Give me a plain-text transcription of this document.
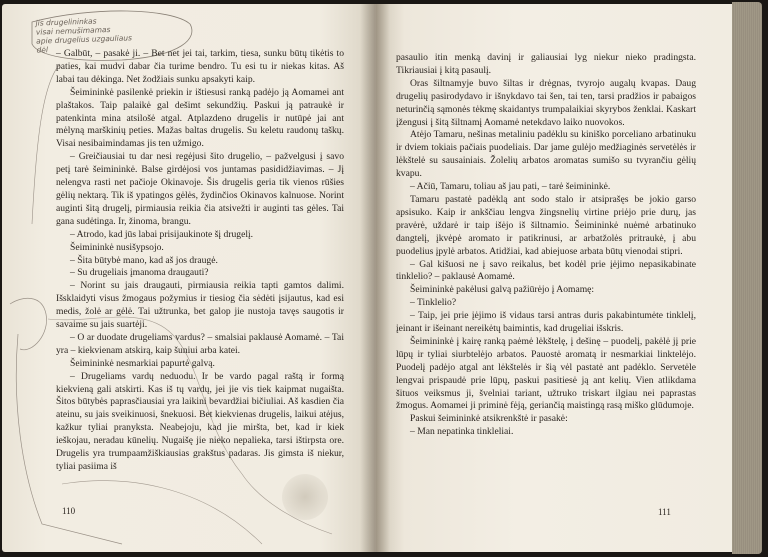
jis drugelininkas
visai nemušimamas
apie drugelius uzgauliaus
dėl – Galbūt, – pasakė ji. – Bet net jei tai, tarkim, tiesa, sunku būtų tikėtis to paties, kai mudvi dabar čia turime bendro. Tu esi tu ir niekas kitas. Aš labai tau dėkinga. Net žodžiais sunku apsakyti kaip.

Šeimininkė pasilenkė priekin ir ištiesusi ranką padėjo ją Aomamei ant plaštakos. Taip palaikė gal dešimt sekundžių. Paskui ją patraukė ir patenkinta mina atsilošė atgal. Atplazdeno drugelis ir nutūpė jai ant mėlyną marškinių peties. Mažas baltas drugelis. Su keletu raudonų taškų. Visai nesibaimindamas jis ten užmigo.

– Greičiausiai tu dar nesi regėjusi šito drugelio, – pažvelgusi į savo petį tarė šeimininkė. Balse girdėjosi vos juntamas pasididžiavimas. – Jį nelengva rasti net pačioje Okinavoje. Šis drugelis geria tik vienos rūšies gėlių nektarą. Tik iš ypatingos gėlės, žydinčios Okinavos kalnuose. Norint auginti šitą drugelį, pirmiausia reikia čia atsivežti ir auginti tas gėles. Tai gana sudėtinga. Ir, žinoma, brangu.

– Atrodo, kad jūs labai prisijaukinote šį drugelį.

Šeimininkė nusišypsojo.

– Šita būtybė mano, kad aš jos draugė.

– Su drugeliais įmanoma draugauti?

– Norint su jais draugauti, pirmiausia reikia tapti gamtos dalimi. Išsklaidyti visus žmogaus požymius ir tiesiog čia sėdėti įsijautus, kad esi medis, žolė ar gėlė. Tai užtrunka, bet galop jie nustoja tavęs saugotis ir savaime su jais suartėji.

– O ar duodate drugeliams vardus? – smalsiai paklausė Aomamė. – Tai yra – kiekvienam atskirą, kaip šuniui arba katei.

Šeimininkė nesmarkiai papurtė galvą.

– Drugeliams vardų neduodu. Ir be vardo pagal raštą ir formą kiekvieną gali atskirti. Kas iš tų vardų, jei jie vis tiek kaipmat nugaišta. Šitos būtybės paprasčiausiai yra laikini bevardžiai bičiuliai. Aš kasdien čia ateinu, su jais sveikinuosi, šnekuosi. Bet kiekvienas drugelis, laikui atėjus, kažkur tyliai pranyksta. Neabejoju, kad jie miršta, bet, kad ir kiek ieškojau, neradau kūnelių. Nugaišę jie nieko nepalieka, tarsi ištirpsta ore. Drugelis yra trumpaamžiškiausias grakštus padaras. Jis gimsta iš niekur, tyliai pasiima iš

110

pasaulio itin menką davinį ir galiausiai lyg niekur nieko pradingsta. Tikriausiai į kitą pasaulį.

Oras šiltnamyje buvo šiltas ir drėgnas, tvyrojo augalų kvapas. Daug drugelių pasirodydavo ir išnykdavo tai šen, tai ten, tarsi pradžios ir pabaigos neturinčią sąmonės tėkmę skaidantys trumpalaikiai skyrybos ženklai. Kaskart įžengusi į šitą šiltnamį Aomamė netekdavo laiko nuovokos.

Atėjo Tamaru, nešinas metaliniu padėklu su kiniško porceliano arbatinuku ir dviem tokiais pačiais puodeliais. Dar jame gulėjo medžiaginės servetėlės ir lėkštelė su sausainiais. Žolelių arbatos aromatas sumišo su tvyrančiu gėlių kvapu.

– Ačiū, Tamaru, toliau aš jau pati, – tarė šeimininkė.

Tamaru pastatė padėklą ant sodo stalo ir atsiprašęs be jokio garso apsisuko. Kaip ir ankščiau lengva žingsnelių virtine priėjo prie durų, jas pravėrė, uždarė ir taip išėjo iš šiltnamio. Šeimininkė nuėmė arbatinuko dangtelį, įkvėpė aromato ir patikrinusi, ar arbatžolės pritraukė, į abu puodelius įpylė arbatos. Atidžiai, kad abiejuose arbata būtų vienodai stipri.

– Gal kišuosi ne į savo reikalus, bet kodėl prie įėjimo nepasikabinate tinklelio? – paklausė Aomamė.

Šeimininkė pakėlusi galvą pažiūrėjo į Aomamę:

– Tinklelio?

– Taip, jei prie įėjimo iš vidaus tarsi antras duris pakabintumėte tinklelį, įeinant ir išeinant nereikėtų baimintis, kad drugeliai išskris.

Šeimininkė į kairę ranką paėmė lėkštelę, į dešinę – puodelį, pakėlė jį prie lūpų ir tyliai siurbtelėjo arbatos. Pauostė aromatą ir nesmarkiai linktelėjo. Puodelį padėjo atgal ant lėkštelės ir šią vėl pastatė ant padėklo. Servetėle lengvai prispaudė prie lūpų, paskui pasitiesė ją ant kelių. Vien atlikdama šituos veiksmus ji, švelniai tariant, užtruko triskart ilgiau nei paprastas žmogus. Aomamei ji priminė fėją, geriančią maistingą rasą miško glūdumoje.

Paskui šeimininkė atsikrenkštė ir pasakė:

– Man nepatinka tinkleliai.

111
